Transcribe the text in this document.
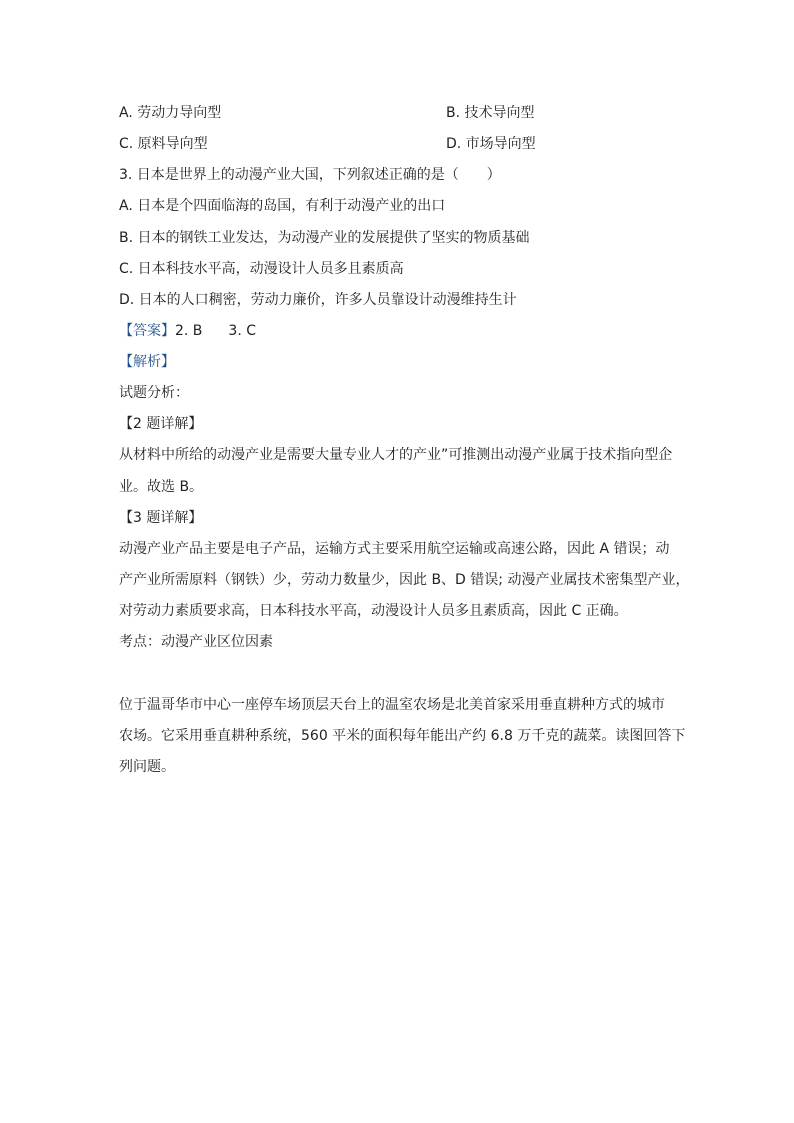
A. 劳动力导向型	B. 技术导向型
C. 原料导向型	D. 市场导向型
3. 日本是世界上的动漫产业大国，下列叙述正确的是（　　）
A. 日本是个四面临海的岛国，有利于动漫产业的出口
B. 日本的钢铁工业发达，为动漫产业的发展提供了坚实的物质基础
C. 日本科技水平高，动漫设计人员多且素质高
D. 日本的人口稠密，劳动力廉价，许多人员靠设计动漫维持生计
【答案】2. B 3. C
【解析】
试题分析：
【2 题详解】
从材料中所给的动漫产业是需要大量专业人才的产业”可推测出动漫产业属于技术指向型企
业。故选 B。
【3 题详解】
动漫产业产品主要是电子产品，运输方式主要采用航空运输或高速公路，因此 A 错误；动
产产业所需原料（钢铁）少，劳动力数量少，因此 B、D 错误; 动漫产业属技术密集型产业，
对劳动力素质要求高，日本科技水平高，动漫设计人员多且素质高，因此 C 正确。
考点：动漫产业区位因素
位于温哥华市中心一座停车场顶层天台上的温室农场是北美首家采用垂直耕种方式的城市
农场。它采用垂直耕种系统，560 平米的面积每年能出产约 6.8 万千克的蔬菜。读图回答下
列问题。
